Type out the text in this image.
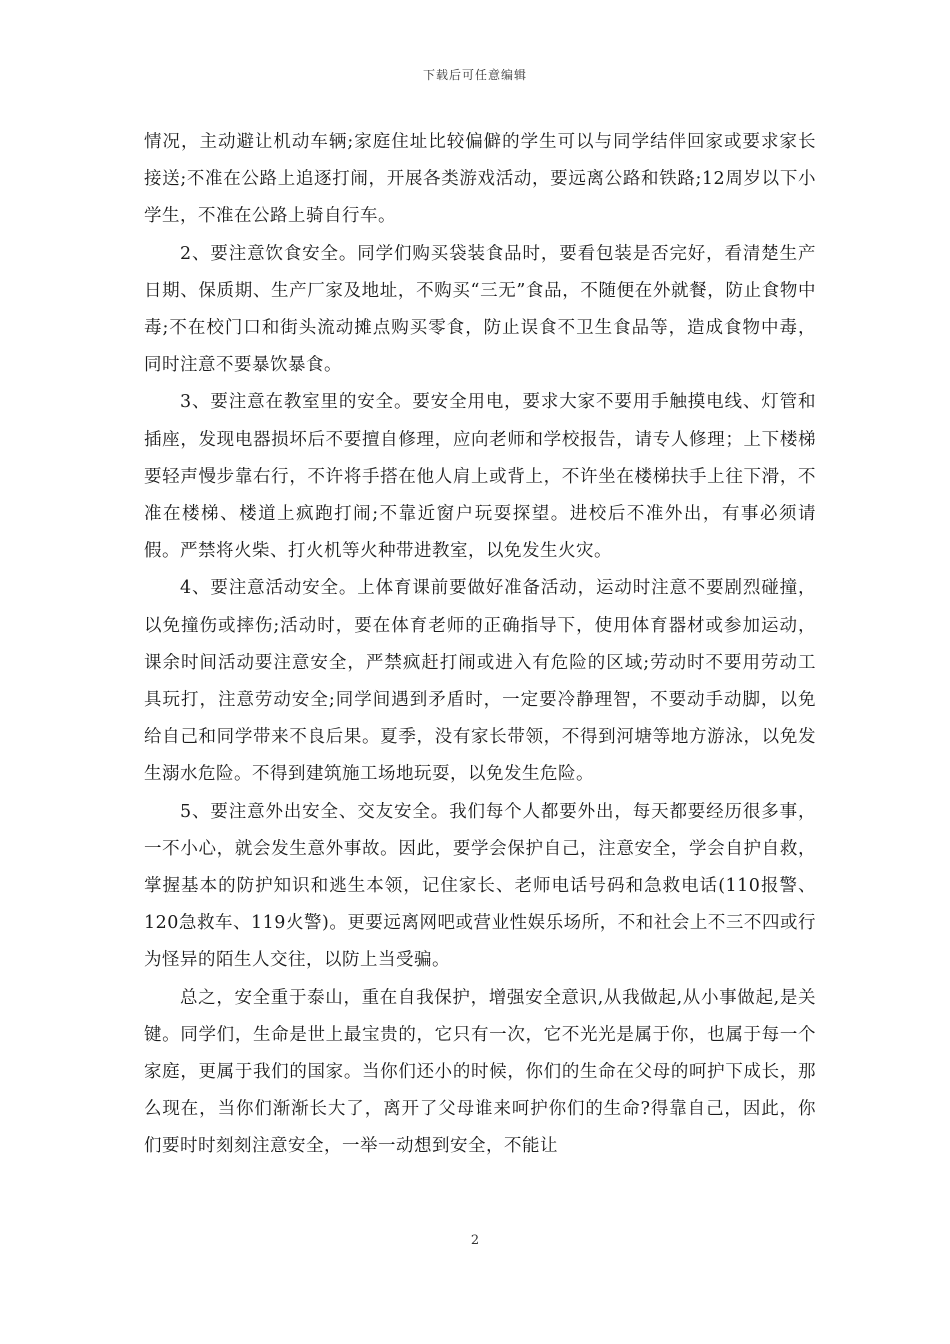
下载后可任意编辑

情况，主动避让机动车辆;家庭住址比较偏僻的学生可以与同学结伴回家或要求家长接送;不准在公路上追逐打闹，开展各类游戏活动，要远离公路和铁路;12周岁以下小学生，不准在公路上骑自行车。

2、要注意饮食安全。同学们购买袋装食品时，要看包装是否完好，看清楚生产日期、保质期、生产厂家及地址，不购买“三无”食品，不随便在外就餐，防止食物中毒;不在校门口和街头流动摊点购买零食，防止误食不卫生食品等，造成食物中毒，同时注意不要暴饮暴食。

3、要注意在教室里的安全。要安全用电，要求大家不要用手触摸电线、灯管和插座，发现电器损坏后不要擅自修理，应向老师和学校报告，请专人修理；上下楼梯要轻声慢步靠右行，不许将手搭在他人肩上或背上，不许坐在楼梯扶手上往下滑，不准在楼梯、楼道上疯跑打闹;不靠近窗户玩耍探望。进校后不准外出，有事必须请假。严禁将火柴、打火机等火种带进教室，以免发生火灾。

4、要注意活动安全。上体育课前要做好准备活动，运动时注意不要剧烈碰撞，以免撞伤或摔伤;活动时，要在体育老师的正确指导下，使用体育器材或参加运动，课余时间活动要注意安全，严禁疯赶打闹或进入有危险的区域;劳动时不要用劳动工具玩打，注意劳动安全;同学间遇到矛盾时，一定要冷静理智，不要动手动脚，以免给自己和同学带来不良后果。夏季，没有家长带领，不得到河塘等地方游泳，以免发生溺水危险。不得到建筑施工场地玩耍，以免发生危险。

5、要注意外出安全、交友安全。我们每个人都要外出，每天都要经历很多事，一不小心，就会发生意外事故。因此，要学会保护自己，注意安全，学会自护自救，掌握基本的防护知识和逃生本领，记住家长、老师电话号码和急救电话(110报警、120急救车、119火警)。更要远离网吧或营业性娱乐场所，不和社会上不三不四或行为怪异的陌生人交往，以防上当受骗。

总之，安全重于泰山，重在自我保护，增强安全意识,从我做起,从小事做起,是关键。同学们，生命是世上最宝贵的，它只有一次，它不光光是属于你，也属于每一个家庭，更属于我们的国家。当你们还小的时候，你们的生命在父母的呵护下成长，那么现在，当你们渐渐长大了，离开了父母谁来呵护你们的生命?得靠自己，因此，你们要时时刻刻注意安全，一举一动想到安全，不能让

2
